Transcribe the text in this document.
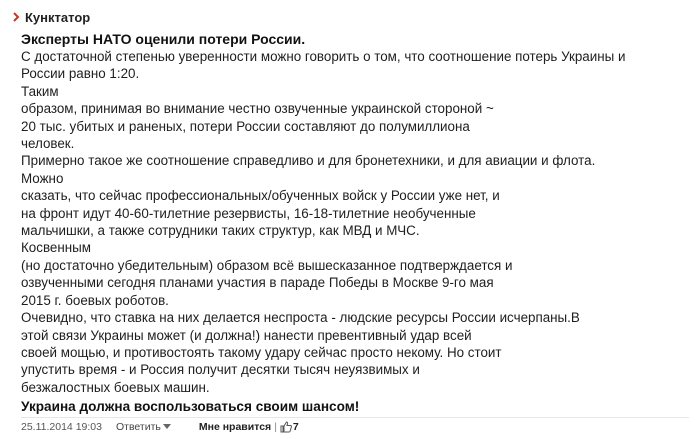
Кунктатор
Эксперты НАТО оценили потери России.
С достаточной степенью уверенности можно говорить о том, что соотношение потерь Украины и
России равно 1:20.
Таким
образом, принимая во внимание честно озвученные украинской стороной ~
20 тыс. убитых и раненых, потери России составляют до полумиллиона
человек.
Примерно такое же соотношение справедливо и для бронетехники, и для авиации и флота.
Можно
сказать, что сейчас профессиональных/обученных войск у России уже нет, и
на фронт идут 40-60-тилетние резервисты, 16-18-тилетние необученные
мальчишки, а также сотрудники таких структур, как МВД и МЧС.
Косвенным
(но достаточно убедительным) образом всё вышесказанное подтверждается и
озвученными сегодня планами участия в параде Победы в Москве 9-го мая
2015 г. боевых роботов.
Очевидно, что ставка на них делается неспроста - людские ресурсы России исчерпаны.В
этой связи Украины может (и должна!) нанести превентивный удар всей
своей мощью, и противостоять такому удару сейчас просто некому. Но стоит
упустить время - и Россия получит десятки тысяч неуязвимых и
безжалостных боевых машин.
Украина должна воспользоваться своим шансом!
25.11.2014 19:03 Ответить	Мне нравится | 7
